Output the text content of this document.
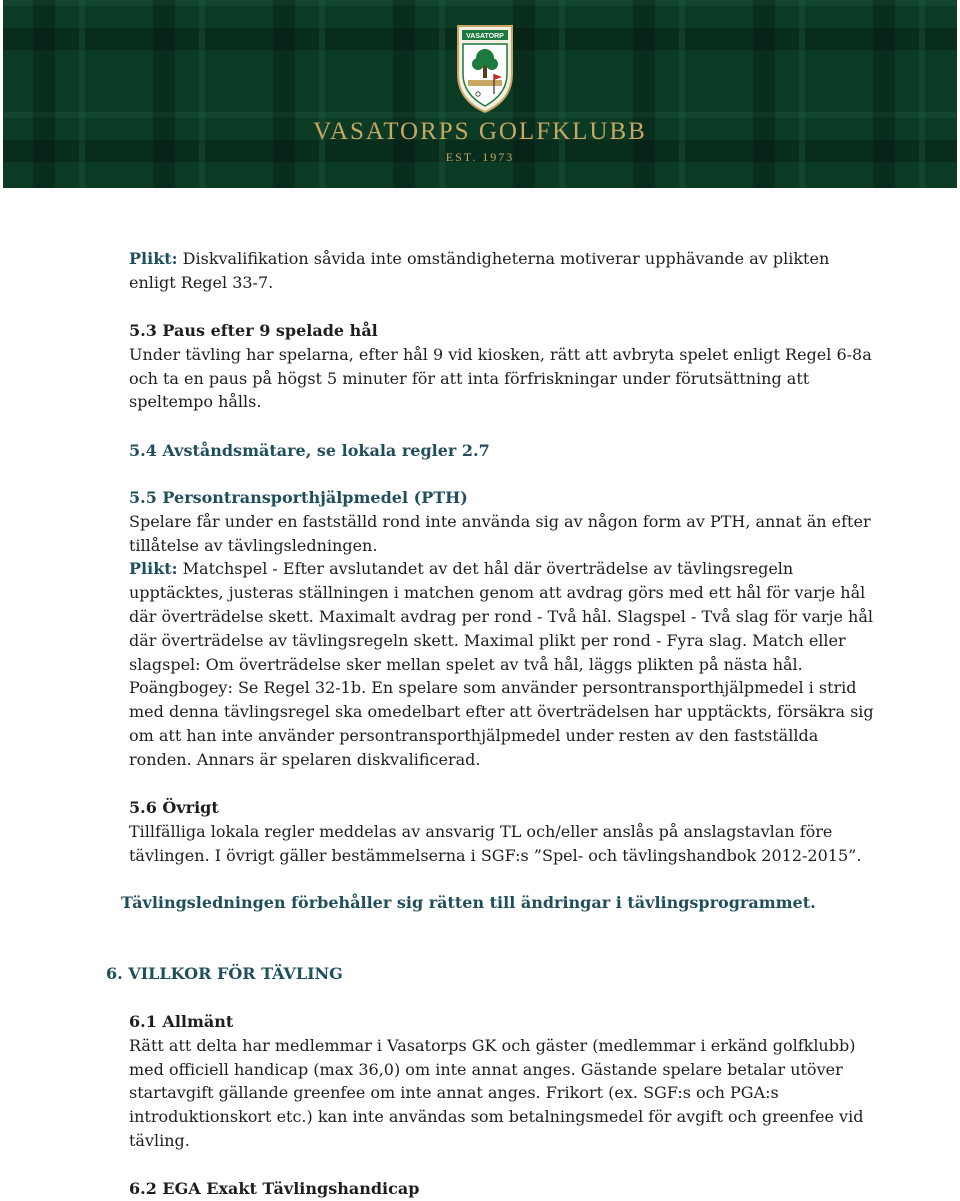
VASATORP
VASATORPS GOLFKLUBB
EST. 1973
Plikt: Diskvalifikation såvida inte omständigheterna motiverar upphävande av plikten
enligt Regel 33-7.
5.3 Paus efter 9 spelade hål
Under tävling har spelarna, efter hål 9 vid kiosken, rätt att avbryta spelet enligt Regel 6-8a
och ta en paus på högst 5 minuter för att inta förfriskningar under förutsättning att
speltempo hålls.
5.4 Avståndsmätare, se lokala regler 2.7
5.5 Persontransporthjälpmedel (PTH)
Spelare får under en fastställd rond inte använda sig av någon form av PTH, annat än efter
tillåtelse av tävlingsledningen.
Plikt: Matchspel - Efter avslutandet av det hål där överträdelse av tävlingsregeln
upptäcktes, justeras ställningen i matchen genom att avdrag görs med ett hål för varje hål
där överträdelse skett. Maximalt avdrag per rond - Två hål. Slagspel - Två slag för varje hål
där överträdelse av tävlingsregeln skett. Maximal plikt per rond - Fyra slag. Match eller
slagspel: Om överträdelse sker mellan spelet av två hål, läggs plikten på nästa hål.
Poängbogey: Se Regel 32-1b. En spelare som använder persontransporthjälpmedel i strid
med denna tävlingsregel ska omedelbart efter att överträdelsen har upptäckts, försäkra sig
om att han inte använder persontransporthjälpmedel under resten av den fastställda
ronden. Annars är spelaren diskvalificerad.
5.6 Övrigt
Tillfälliga lokala regler meddelas av ansvarig TL och/eller anslås på anslagstavlan före
tävlingen. I övrigt gäller bestämmelserna i SGF:s ”Spel- och tävlingshandbok 2012-2015”.
Tävlingsledningen förbehåller sig rätten till ändringar i tävlingsprogrammet.
6. VILLKOR FÖR TÄVLING
6.1 Allmänt
Rätt att delta har medlemmar i Vasatorps GK och gäster (medlemmar i erkänd golfklubb)
med officiell handicap (max 36,0) om inte annat anges. Gästande spelare betalar utöver
startavgift gällande greenfee om inte annat anges. Frikort (ex. SGF:s och PGA:s
introduktionskort etc.) kan inte användas som betalningsmedel för avgift och greenfee vid
tävling.
6.2 EGA Exakt Tävlingshandicap
